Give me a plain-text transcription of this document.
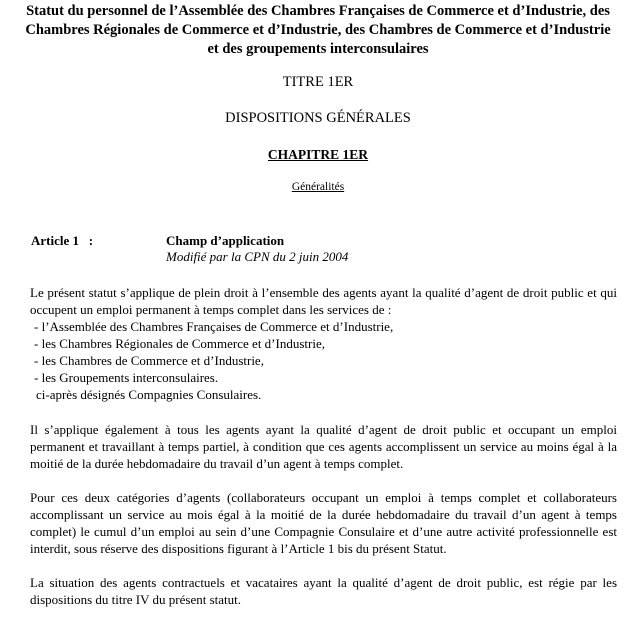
Statut du personnel de l’Assemblée des Chambres Françaises de Commerce et d’Industrie, des Chambres Régionales de Commerce et d’Industrie, des Chambres de Commerce et d’Industrie et des groupements interconsulaires
TITRE 1ER
DISPOSITIONS GÉNÉRALES
CHAPITRE 1ER
Généralités
Article 1   :	Champ d’application
Modifié par la CPN du 2 juin 2004
Le présent statut s’applique de plein droit à l’ensemble des agents ayant la qualité d’agent de droit public et qui occupent un emploi permanent à temps complet dans les services de :
- l’Assemblée des Chambres Françaises de Commerce et d’Industrie,
- les Chambres Régionales de Commerce et d’Industrie,
- les Chambres de Commerce et d’Industrie,
- les Groupements interconsulaires.
ci-après désignés Compagnies Consulaires.
Il s’applique également à tous les agents ayant la qualité d’agent de droit public et occupant un emploi permanent et travaillant à temps partiel, à condition que ces agents accomplissent un service au moins égal à la moitié de la durée hebdomadaire du travail d’un agent à temps complet.
Pour ces deux catégories d’agents (collaborateurs occupant un emploi à temps complet et collaborateurs accomplissant un service au mois égal à la moitié de la durée hebdomadaire du travail d’un agent à temps complet) le cumul d’un emploi au sein d’une Compagnie Consulaire et d’une autre activité professionnelle est interdit, sous réserve des dispositions figurant à l’Article 1 bis du présent Statut.
La situation des agents contractuels et vacataires ayant la qualité d’agent de droit public, est régie par les dispositions du titre IV du présent statut.
